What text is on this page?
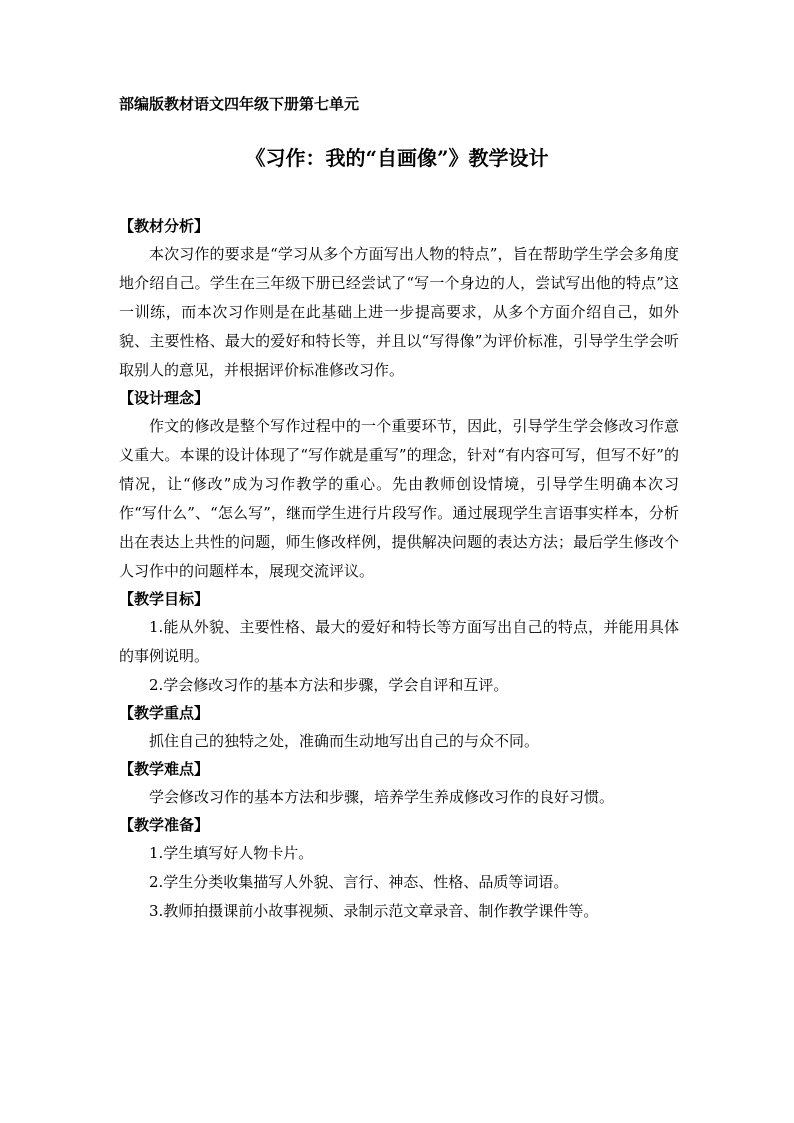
部编版教材语文四年级下册第七单元
《习作：我的“自画像”》教学设计
【教材分析】

本次习作的要求是“学习从多个方面写出人物的特点”，旨在帮助学生学会多角度地介绍自己。学生在三年级下册已经尝试了“写一个身边的人，尝试写出他的特点”这一训练，而本次习作则是在此基础上进一步提高要求，从多个方面介绍自己，如外貌、主要性格、最大的爱好和特长等，并且以“写得像”为评价标准，引导学生学会听取别人的意见，并根据评价标准修改习作。

【设计理念】

作文的修改是整个写作过程中的一个重要环节，因此，引导学生学会修改习作意义重大。本课的设计体现了“写作就是重写”的理念，针对“有内容可写，但写不好”的情况，让“修改”成为习作教学的重心。先由教师创设情境，引导学生明确本次习作“写什么”、“怎么写”，继而学生进行片段写作。通过展现学生言语事实样本，分析出在表达上共性的问题，师生修改样例，提供解决问题的表达方法；最后学生修改个人习作中的问题样本，展现交流评议。

【教学目标】

1.能从外貌、主要性格、最大的爱好和特长等方面写出自己的特点，并能用具体的事例说明。

2.学会修改习作的基本方法和步骤，学会自评和互评。

【教学重点】

抓住自己的独特之处，准确而生动地写出自己的与众不同。

【教学难点】

学会修改习作的基本方法和步骤，培养学生养成修改习作的良好习惯。

【教学准备】

1.学生填写好人物卡片。

2.学生分类收集描写人外貌、言行、神态、性格、品质等词语。

3.教师拍摄课前小故事视频、录制示范文章录音、制作教学课件等。
